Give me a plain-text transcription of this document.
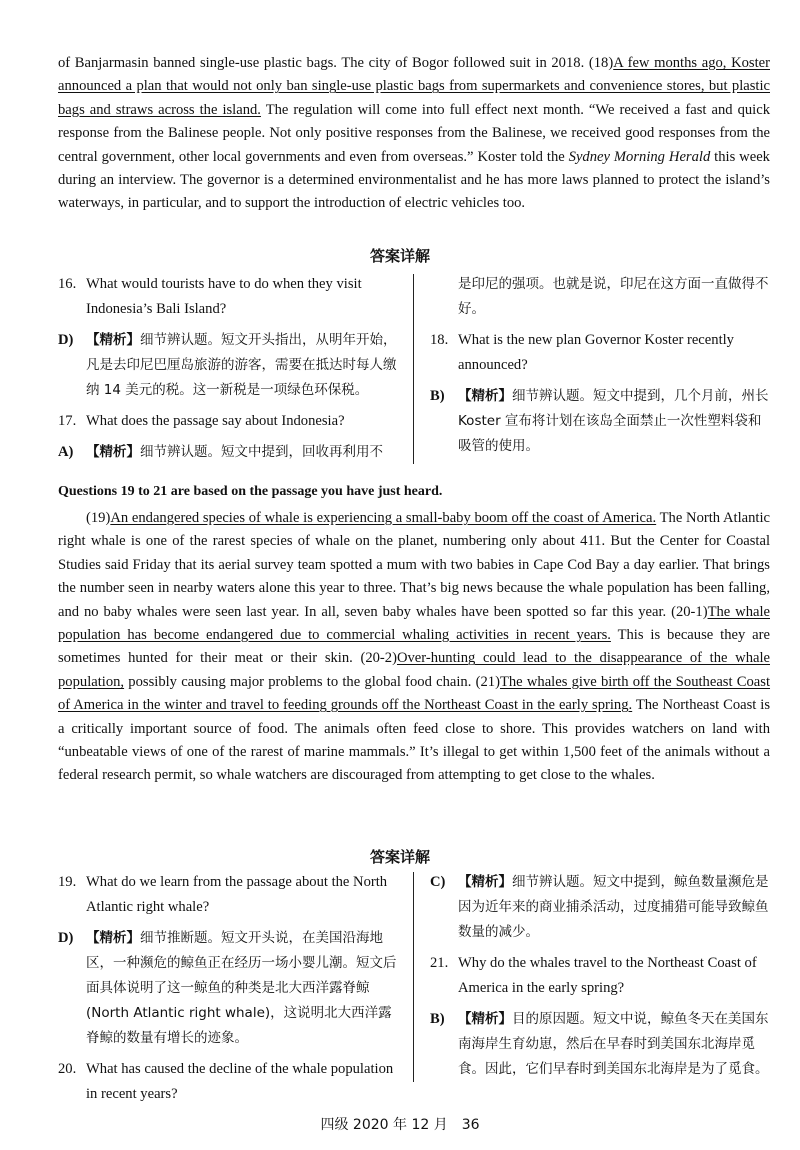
of Banjarmasin banned single-use plastic bags. The city of Bogor followed suit in 2018. (18)A few months ago, Koster announced a plan that would not only ban single-use plastic bags from supermarkets and convenience stores, but plastic bags and straws across the island. The regulation will come into full effect next month. “We received a fast and quick response from the Balinese people. Not only positive responses from the Balinese, we received good responses from the central government, other local governments and even from overseas.” Koster told the Sydney Morning Herald this week during an interview. The governor is a determined environmentalist and he has more laws planned to protect the island’s waterways, in particular, and to support the introduction of electric vehicles too.
答案详解
16. What would tourists have to do when they visit Indonesia’s Bali Island?
D) 【精析】细节辨认题。短文开头指出，从明年开始，凡是去印尼巴厘岛旅游的游客，需要在抵达时每人缴纳 14 美元的税。这一新税是一项绿色环保税。
17. What does the passage say about Indonesia?
A) 【精析】细节辨认题。短文中提到，回收再利用不
是印尼的强项。也就是说，印尼在这方面一直做得不好。
18. What is the new plan Governor Koster recently announced?
B) 【精析】细节辨认题。短文中提到，几个月前，州长 Koster 宣布将计划在该岛全面禁止一次性塑料袋和吸管的使用。
Questions 19 to 21 are based on the passage you have just heard.
(19)An endangered species of whale is experiencing a small-baby boom off the coast of America. The North Atlantic right whale is one of the rarest species of whale on the planet, numbering only about 411. But the Center for Coastal Studies said Friday that its aerial survey team spotted a mum with two babies in Cape Cod Bay a day earlier. That brings the number seen in nearby waters alone this year to three. That’s big news because the whale population has been falling, and no baby whales were seen last year. In all, seven baby whales have been spotted so far this year. (20-1)The whale population has become endangered due to commercial whaling activities in recent years. This is because they are sometimes hunted for their meat or their skin. (20-2)Over-hunting could lead to the disappearance of the whale population, possibly causing major problems to the global food chain. (21)The whales give birth off the Southeast Coast of America in the winter and travel to feeding grounds off the Northeast Coast in the early spring. The Northeast Coast is a critically important source of food. The animals often feed close to shore. This provides watchers on land with “unbeatable views of one of the rarest of marine mammals.” It’s illegal to get within 1,500 feet of the animals without a federal research permit, so whale watchers are discouraged from attempting to get close to the whales.
答案详解
19. What do we learn from the passage about the North Atlantic right whale?
D) 【精析】细节推断题。短文开头说，在美国沿海地区，一种濒危的鲸鱼正在经历一场小婴儿潮。短文后面具体说明了这一鲸鱼的种类是北大西洋露脊鲸(North Atlantic right whale)，这说明北大西洋露脊鲸的数量有增长的迹象。
20. What has caused the decline of the whale population in recent years?
C) 【精析】细节辨认题。短文中提到，鲸鱼数量濒危是因为近年来的商业捕杀活动，过度捕猎可能导致鲸鱼数量的减少。
21. Why do the whales travel to the Northeast Coast of America in the early spring?
B) 【精析】目的原因题。短文中说，鲸鱼冬天在美国东南海岸生育幼崽，然后在早春时到美国东北海岸觅食。因此，它们早春时到美国东北海岸是为了觅食。
四级 2020 年 12 月　36
